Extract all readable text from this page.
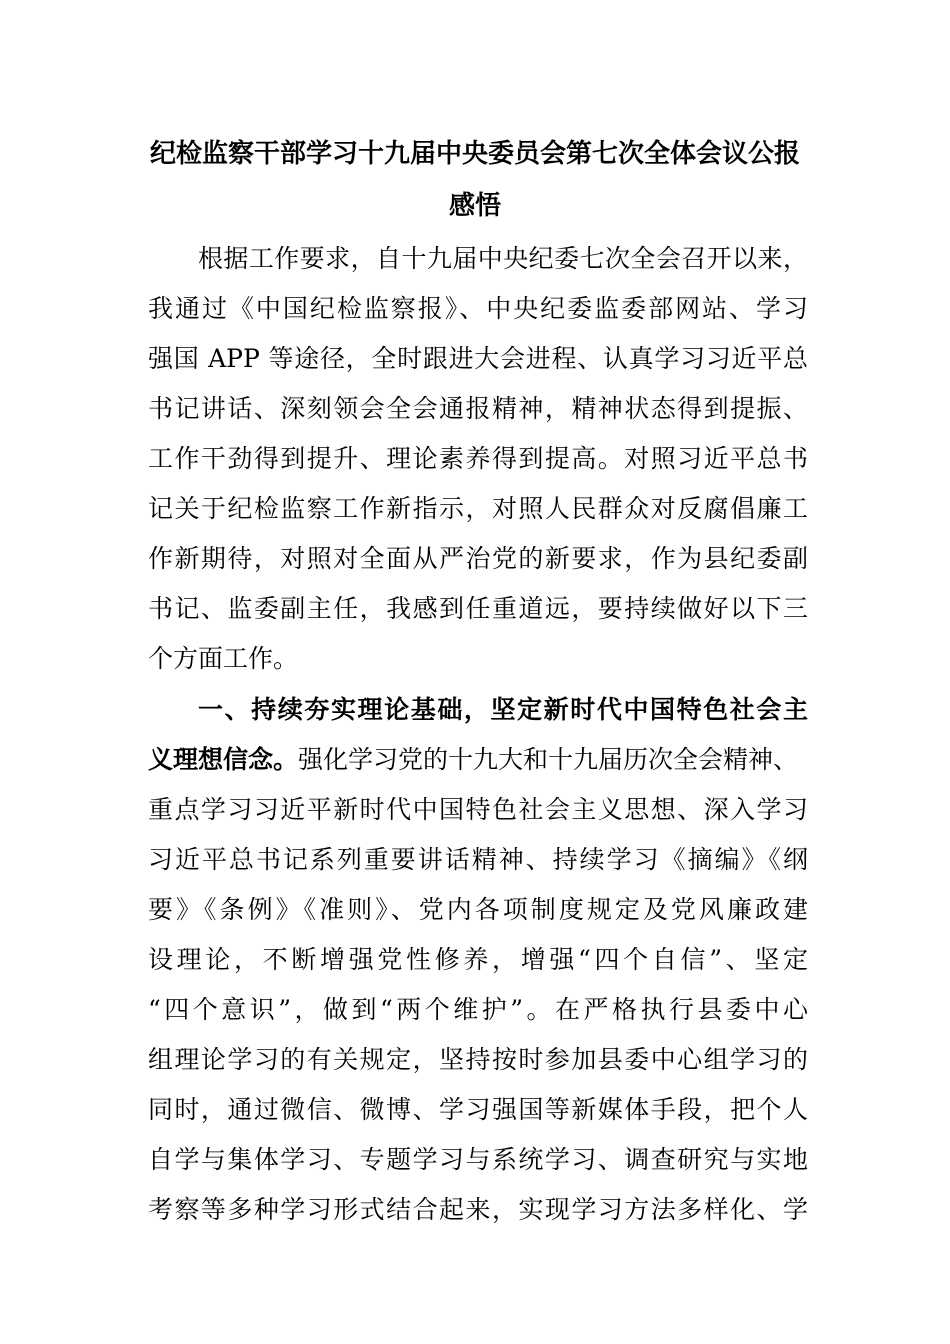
纪检监察干部学习十九届中央委员会第七次全体会议公报
感悟
根据工作要求，自十九届中央纪委七次全会召开以来，
我通过《中国纪检监察报》、中央纪委监委部网站、学习
强国 APP 等途径，全时跟进大会进程、认真学习习近平总
书记讲话、深刻领会全会通报精神，精神状态得到提振、
工作干劲得到提升、理论素养得到提高。对照习近平总书
记关于纪检监察工作新指示，对照人民群众对反腐倡廉工
作新期待，对照对全面从严治党的新要求，作为县纪委副
书记、监委副主任，我感到任重道远，要持续做好以下三
个方面工作。
一、持续夯实理论基础，坚定新时代中国特色社会主
义理想信念。强化学习党的十九大和十九届历次全会精神、
重点学习习近平新时代中国特色社会主义思想、深入学习
习近平总书记系列重要讲话精神、持续学习《摘编》《纲
要》《条例》《准则》、党内各项制度规定及党风廉政建
设理论，不断增强党性修养，增强“四个自信”、坚定
“四个意识”，做到“两个维护”。在严格执行县委中心
组理论学习的有关规定，坚持按时参加县委中心组学习的
同时，通过微信、微博、学习强国等新媒体手段，把个人
自学与集体学习、专题学习与系统学习、调查研究与实地
考察等多种学习形式结合起来，实现学习方法多样化、学
